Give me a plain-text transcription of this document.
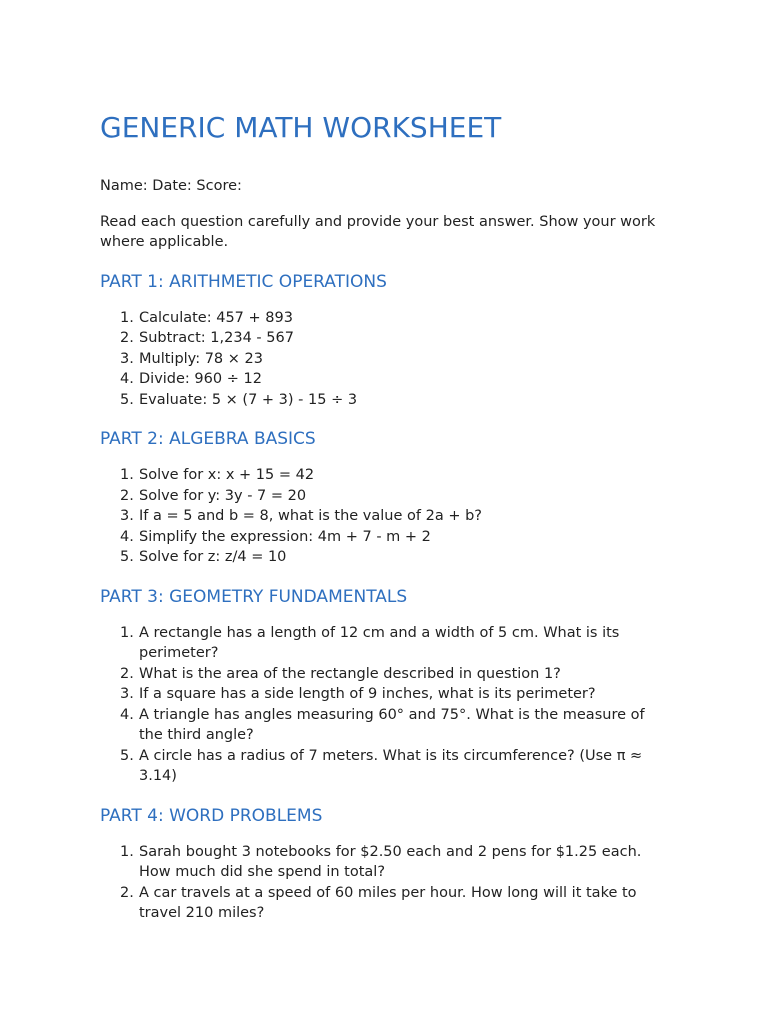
GENERIC MATH WORKSHEET

Name: Date: Score:

Read each question carefully and provide your best answer. Show your work where applicable.

PART 1: ARITHMETIC OPERATIONS
1. Calculate: 457 + 893
2. Subtract: 1,234 - 567
3. Multiply: 78 × 23
4. Divide: 960 ÷ 12
5. Evaluate: 5 × (7 + 3) - 15 ÷ 3
PART 2: ALGEBRA BASICS
1. Solve for x: x + 15 = 42
2. Solve for y: 3y - 7 = 20
3. If a = 5 and b = 8, what is the value of 2a + b?
4. Simplify the expression: 4m + 7 - m + 2
5. Solve for z: z/4 = 10
PART 3: GEOMETRY FUNDAMENTALS
1. A rectangle has a length of 12 cm and a width of 5 cm. What is its perimeter?
2. What is the area of the rectangle described in question 1?
3. If a square has a side length of 9 inches, what is its perimeter?
4. A triangle has angles measuring 60° and 75°. What is the measure of the third angle?
5. A circle has a radius of 7 meters. What is its circumference? (Use π ≈ 3.14)
PART 4: WORD PROBLEMS
1. Sarah bought 3 notebooks for $2.50 each and 2 pens for $1.25 each. How much did she spend in total?
2. A car travels at a speed of 60 miles per hour. How long will it take to travel 210 miles?
